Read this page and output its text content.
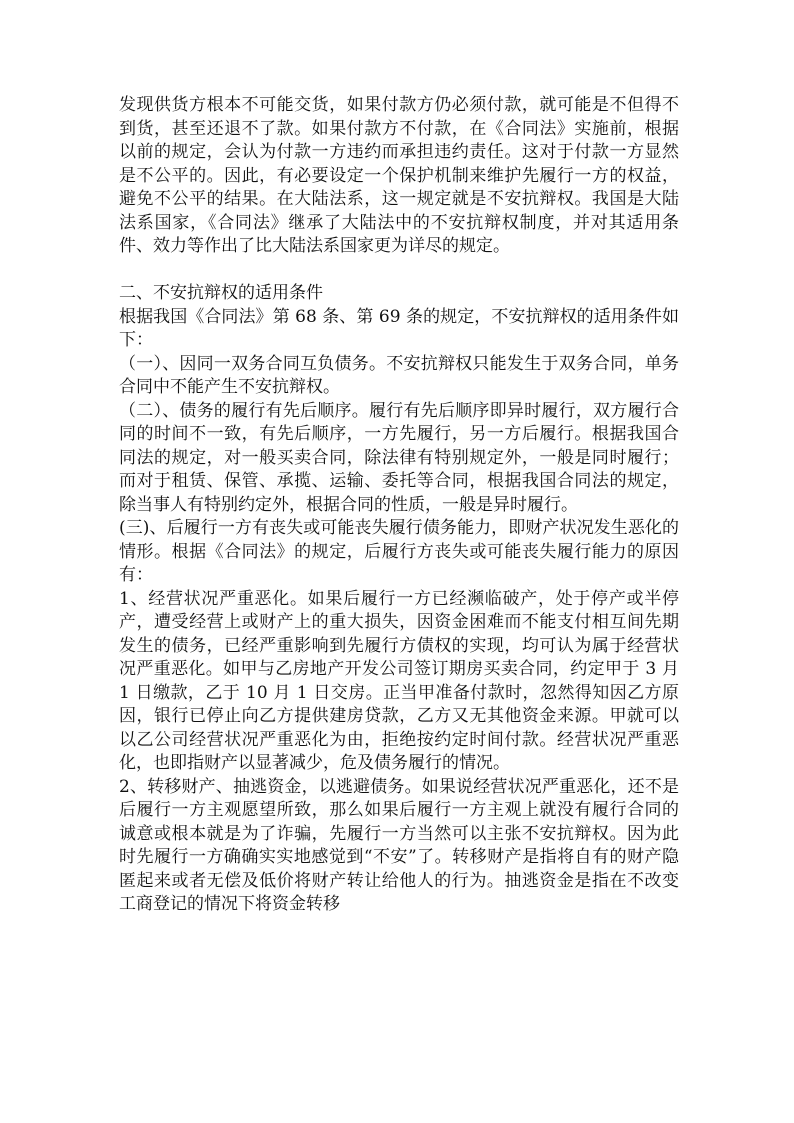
发现供货方根本不可能交货，如果付款方仍必须付款，就可能是不但得不到货，甚至还退不了款。如果付款方不付款，在《合同法》实施前，根据以前的规定，会认为付款一方违约而承担违约责任。这对于付款一方显然是不公平的。因此，有必要设定一个保护机制来维护先履行一方的权益，避免不公平的结果。在大陆法系，这一规定就是不安抗辩权。我国是大陆法系国家，《合同法》继承了大陆法中的不安抗辩权制度，并对其适用条件、效力等作出了比大陆法系国家更为详尽的规定。

二、不安抗辩权的适用条件

根据我国《合同法》第 68 条、第 69 条的规定，不安抗辩权的适用条件如下：

（一）、因同一双务合同互负债务。不安抗辩权只能发生于双务合同，单务合同中不能产生不安抗辩权。

（二）、债务的履行有先后顺序。履行有先后顺序即异时履行，双方履行合同的时间不一致，有先后顺序，一方先履行，另一方后履行。根据我国合同法的规定，对一般买卖合同，除法律有特别规定外，一般是同时履行；而对于租赁、保管、承揽、运输、委托等合同，根据我国合同法的规定，除当事人有特别约定外，根据合同的性质，一般是异时履行。

(三)、后履行一方有丧失或可能丧失履行债务能力，即财产状况发生恶化的情形。根据《合同法》的规定，后履行方丧失或可能丧失履行能力的原因有：

1、经营状况严重恶化。如果后履行一方已经濒临破产，处于停产或半停产，遭受经营上或财产上的重大损失，因资金困难而不能支付相互间先期发生的债务，已经严重影响到先履行方债权的实现，均可认为属于经营状况严重恶化。如甲与乙房地产开发公司签订期房买卖合同，约定甲于 3 月 1 日缴款，乙于 10 月 1 日交房。正当甲准备付款时，忽然得知因乙方原因，银行已停止向乙方提供建房贷款，乙方又无其他资金来源。甲就可以以乙公司经营状况严重恶化为由，拒绝按约定时间付款。经营状况严重恶化，也即指财产以显著减少，危及债务履行的情况。

2、转移财产、抽逃资金，以逃避债务。如果说经营状况严重恶化，还不是后履行一方主观愿望所致，那么如果后履行一方主观上就没有履行合同的诚意或根本就是为了诈骗，先履行一方当然可以主张不安抗辩权。因为此时先履行一方确确实实地感觉到“不安”了。转移财产是指将自有的财产隐匿起来或者无偿及低价将财产转让给他人的行为。抽逃资金是指在不改变工商登记的情况下将资金转移
